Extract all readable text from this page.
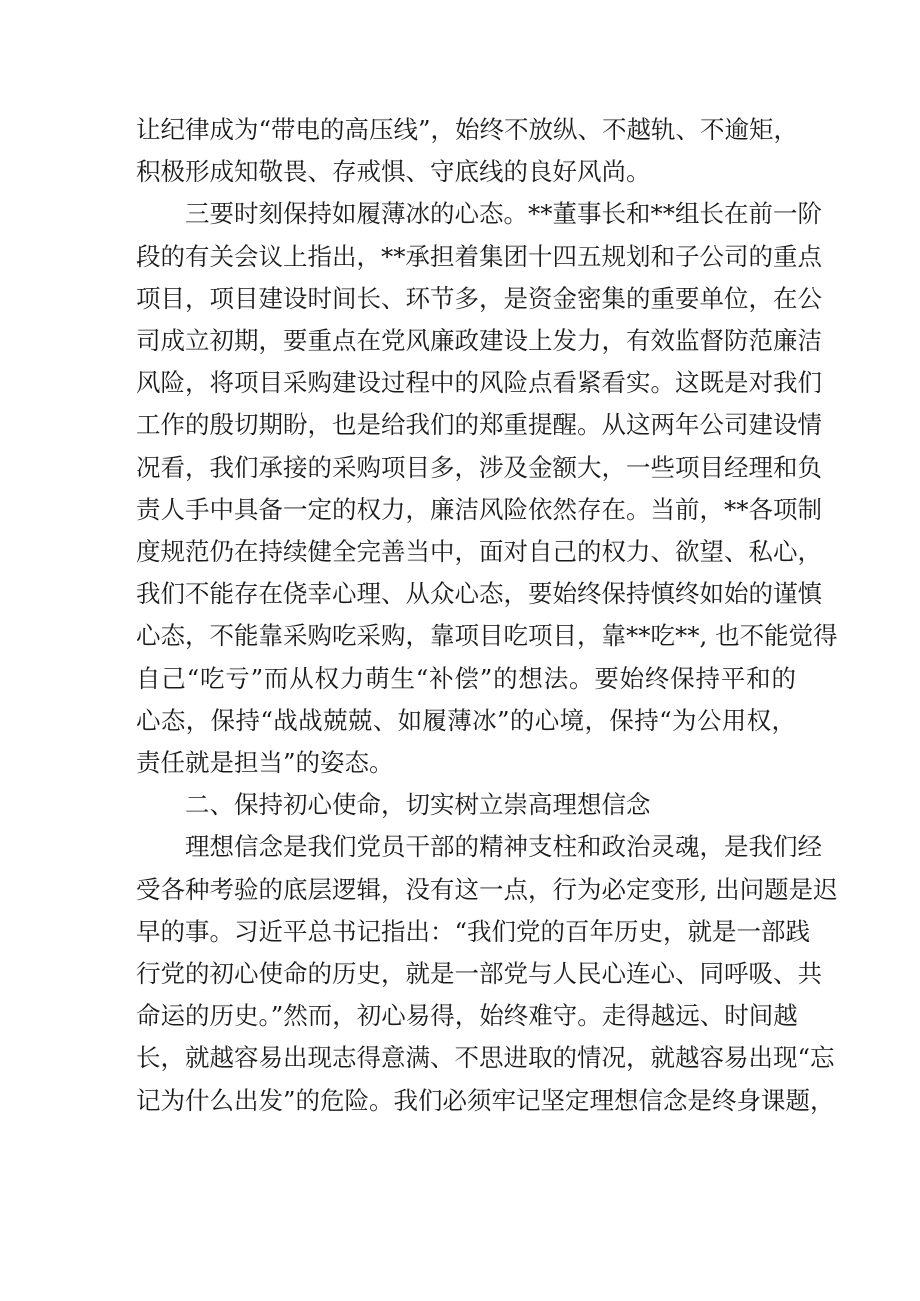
让纪律成为“带电的高压线”，始终不放纵、不越轨、不逾矩，
积极形成知敬畏、存戒惧、守底线的良好风尚。
三要时刻保持如履薄冰的心态。**董事长和**组长在前一阶
段的有关会议上指出，**承担着集团十四五规划和子公司的重点
项目，项目建设时间长、环节多，是资金密集的重要单位，在公
司成立初期，要重点在党风廉政建设上发力，有效监督防范廉洁
风险，将项目采购建设过程中的风险点看紧看实。这既是对我们
工作的殷切期盼，也是给我们的郑重提醒。从这两年公司建设情
况看，我们承接的采购项目多，涉及金额大，一些项目经理和负
责人手中具备一定的权力，廉洁风险依然存在。当前，**各项制
度规范仍在持续健全完善当中，面对自己的权力、欲望、私心，
我们不能存在侥幸心理、从众心态，要始终保持慎终如始的谨慎
心态，不能靠采购吃采购，靠项目吃项目，靠**吃**, 也不能觉得
自己“吃亏”而从权力萌生“补偿”的想法。要始终保持平和的
心态，保持“战战兢兢、如履薄冰”的心境，保持“为公用权，
责任就是担当”的姿态。
二、保持初心使命，切实树立崇高理想信念
理想信念是我们党员干部的精神支柱和政治灵魂，是我们经
受各种考验的底层逻辑，没有这一点，行为必定变形, 出问题是迟
早的事。习近平总书记指出：“我们党的百年历史，就是一部践
行党的初心使命的历史，就是一部党与人民心连心、同呼吸、共
命运的历史。”然而，初心易得，始终难守。走得越远、时间越
长，就越容易出现志得意满、不思进取的情况，就越容易出现“忘
记为什么出发”的危险。我们必须牢记坚定理想信念是终身课题，
